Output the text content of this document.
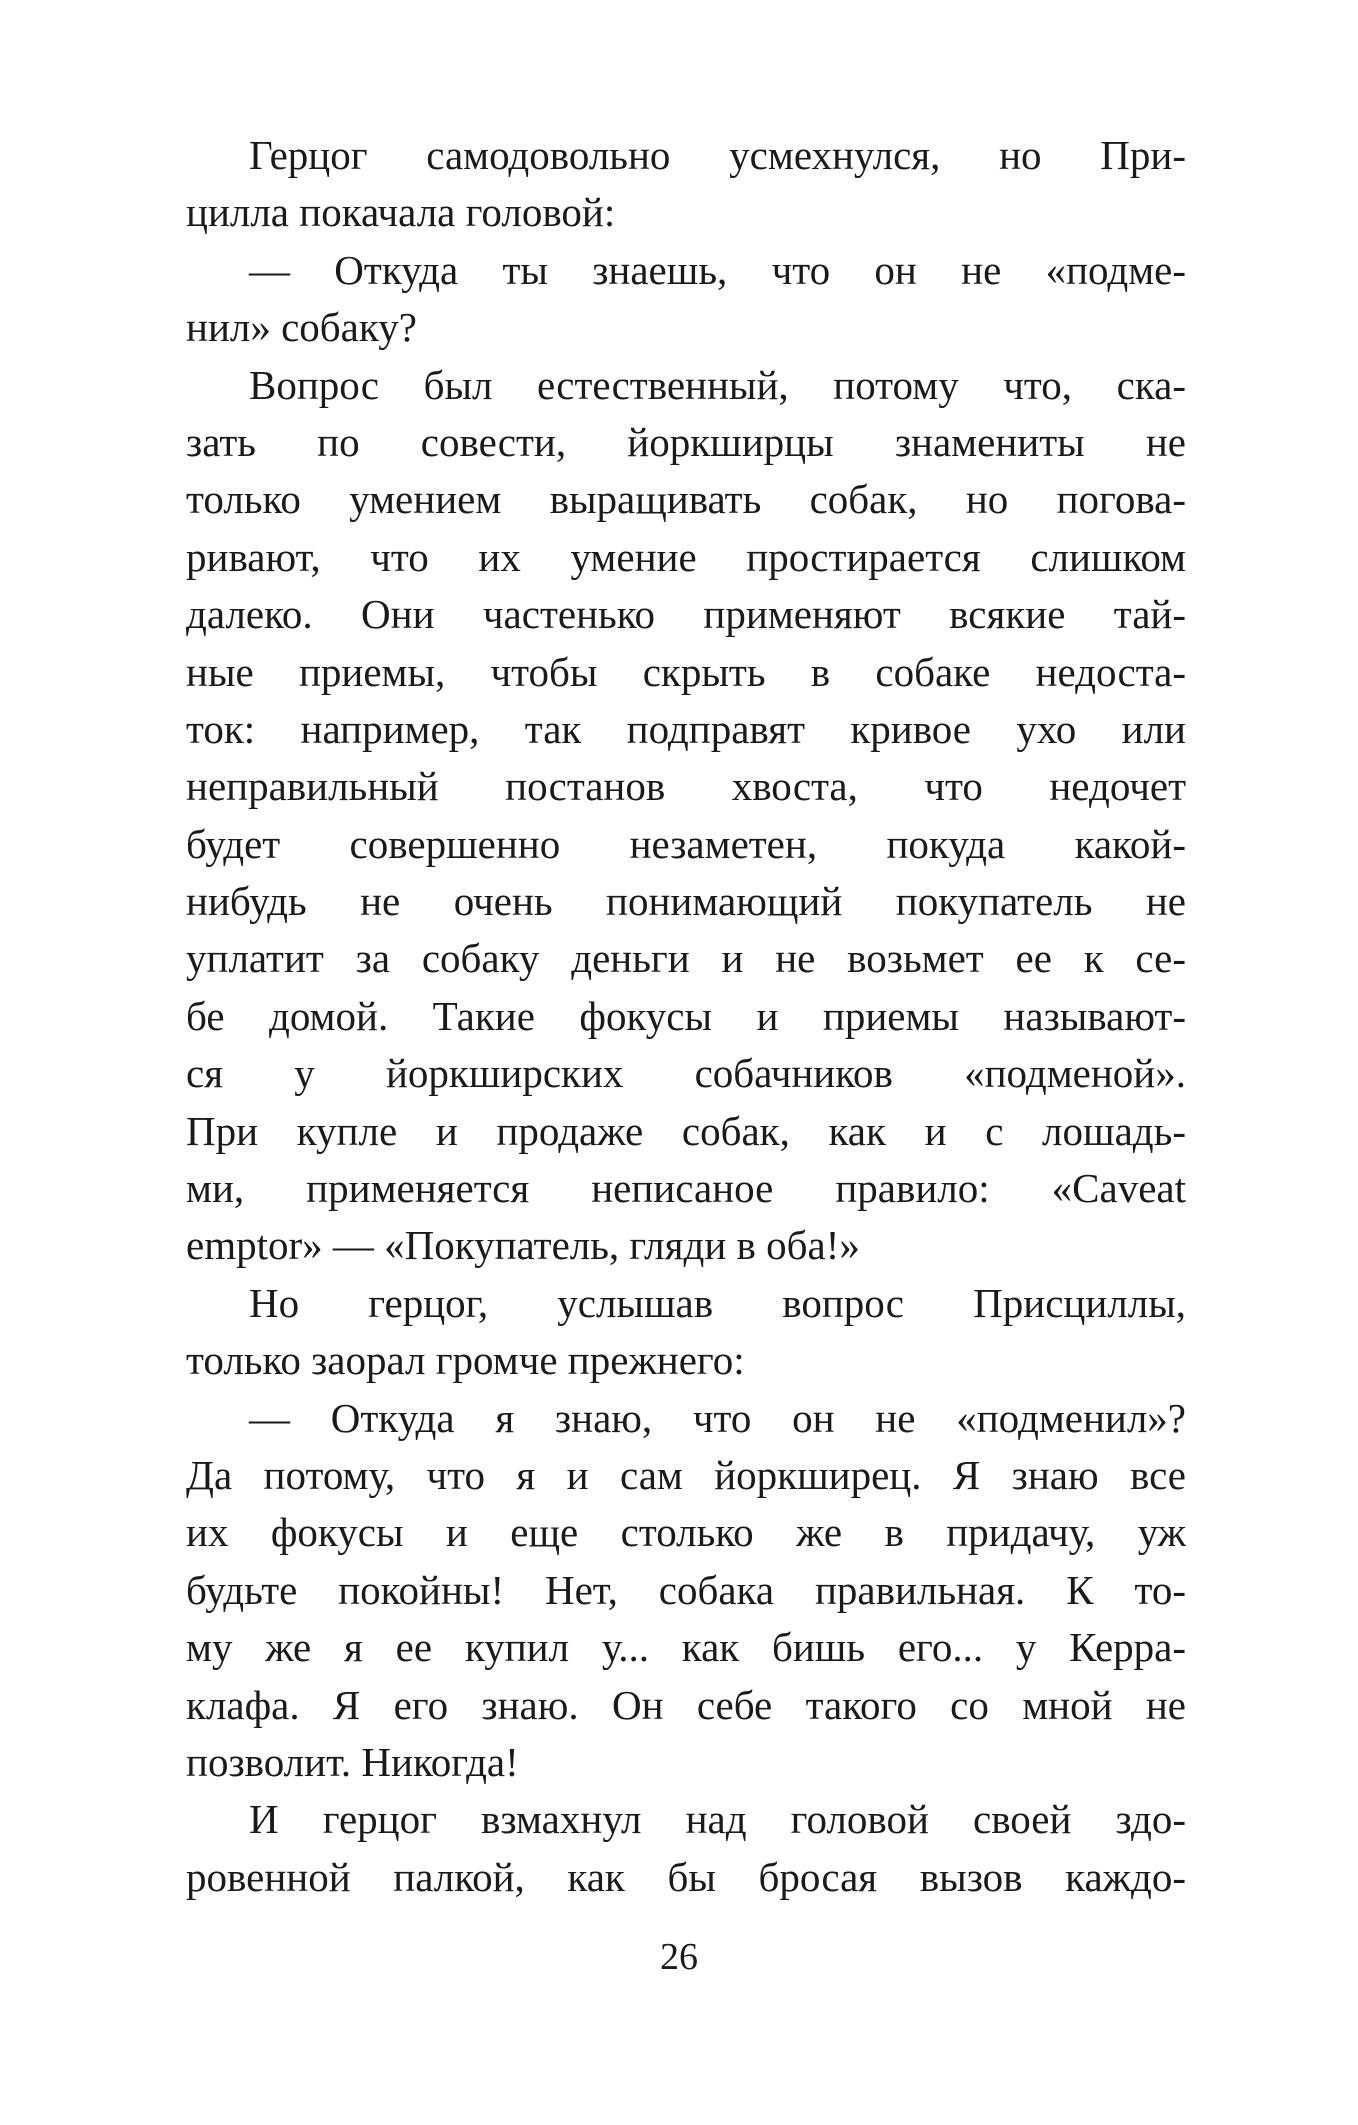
Герцог самодовольно усмехнулся, но При-
цилла покачала головой:
— Откуда ты знаешь, что он не «подме-
нил» собаку?
Вопрос был естественный, потому что, ска-
зать по совести, йоркширцы знамениты не
только умением выращивать собак, но погова-
ривают, что их умение простирается слишком
далеко. Они частенько применяют всякие тай-
ные приемы, чтобы скрыть в собаке недоста-
ток: например, так подправят кривое ухо или
неправильный постанов хвоста, что недочет
будет совершенно незаметен, покуда какой-
нибудь не очень понимающий покупатель не
уплатит за собаку деньги и не возьмет ее к се-
бе домой. Такие фокусы и приемы называют-
ся у йоркширских собачников «подменой».
При купле и продаже собак, как и с лошадь-
ми, применяется неписаное правило: «Caveat
emptor» — «Покупатель, гляди в оба!»
Но герцог, услышав вопрос Присциллы,
только заорал громче прежнего:
— Откуда я знаю, что он не «подменил»?
Да потому, что я и сам йоркширец. Я знаю все
их фокусы и еще столько же в придачу, уж
будьте покойны! Нет, собака правильная. К то-
му же я ее купил у... как бишь его... у Керра-
клафа. Я его знаю. Он себе такого со мной не
позволит. Никогда!
И герцог взмахнул над головой своей здо-
ровенной палкой, как бы бросая вызов каждо-
26
